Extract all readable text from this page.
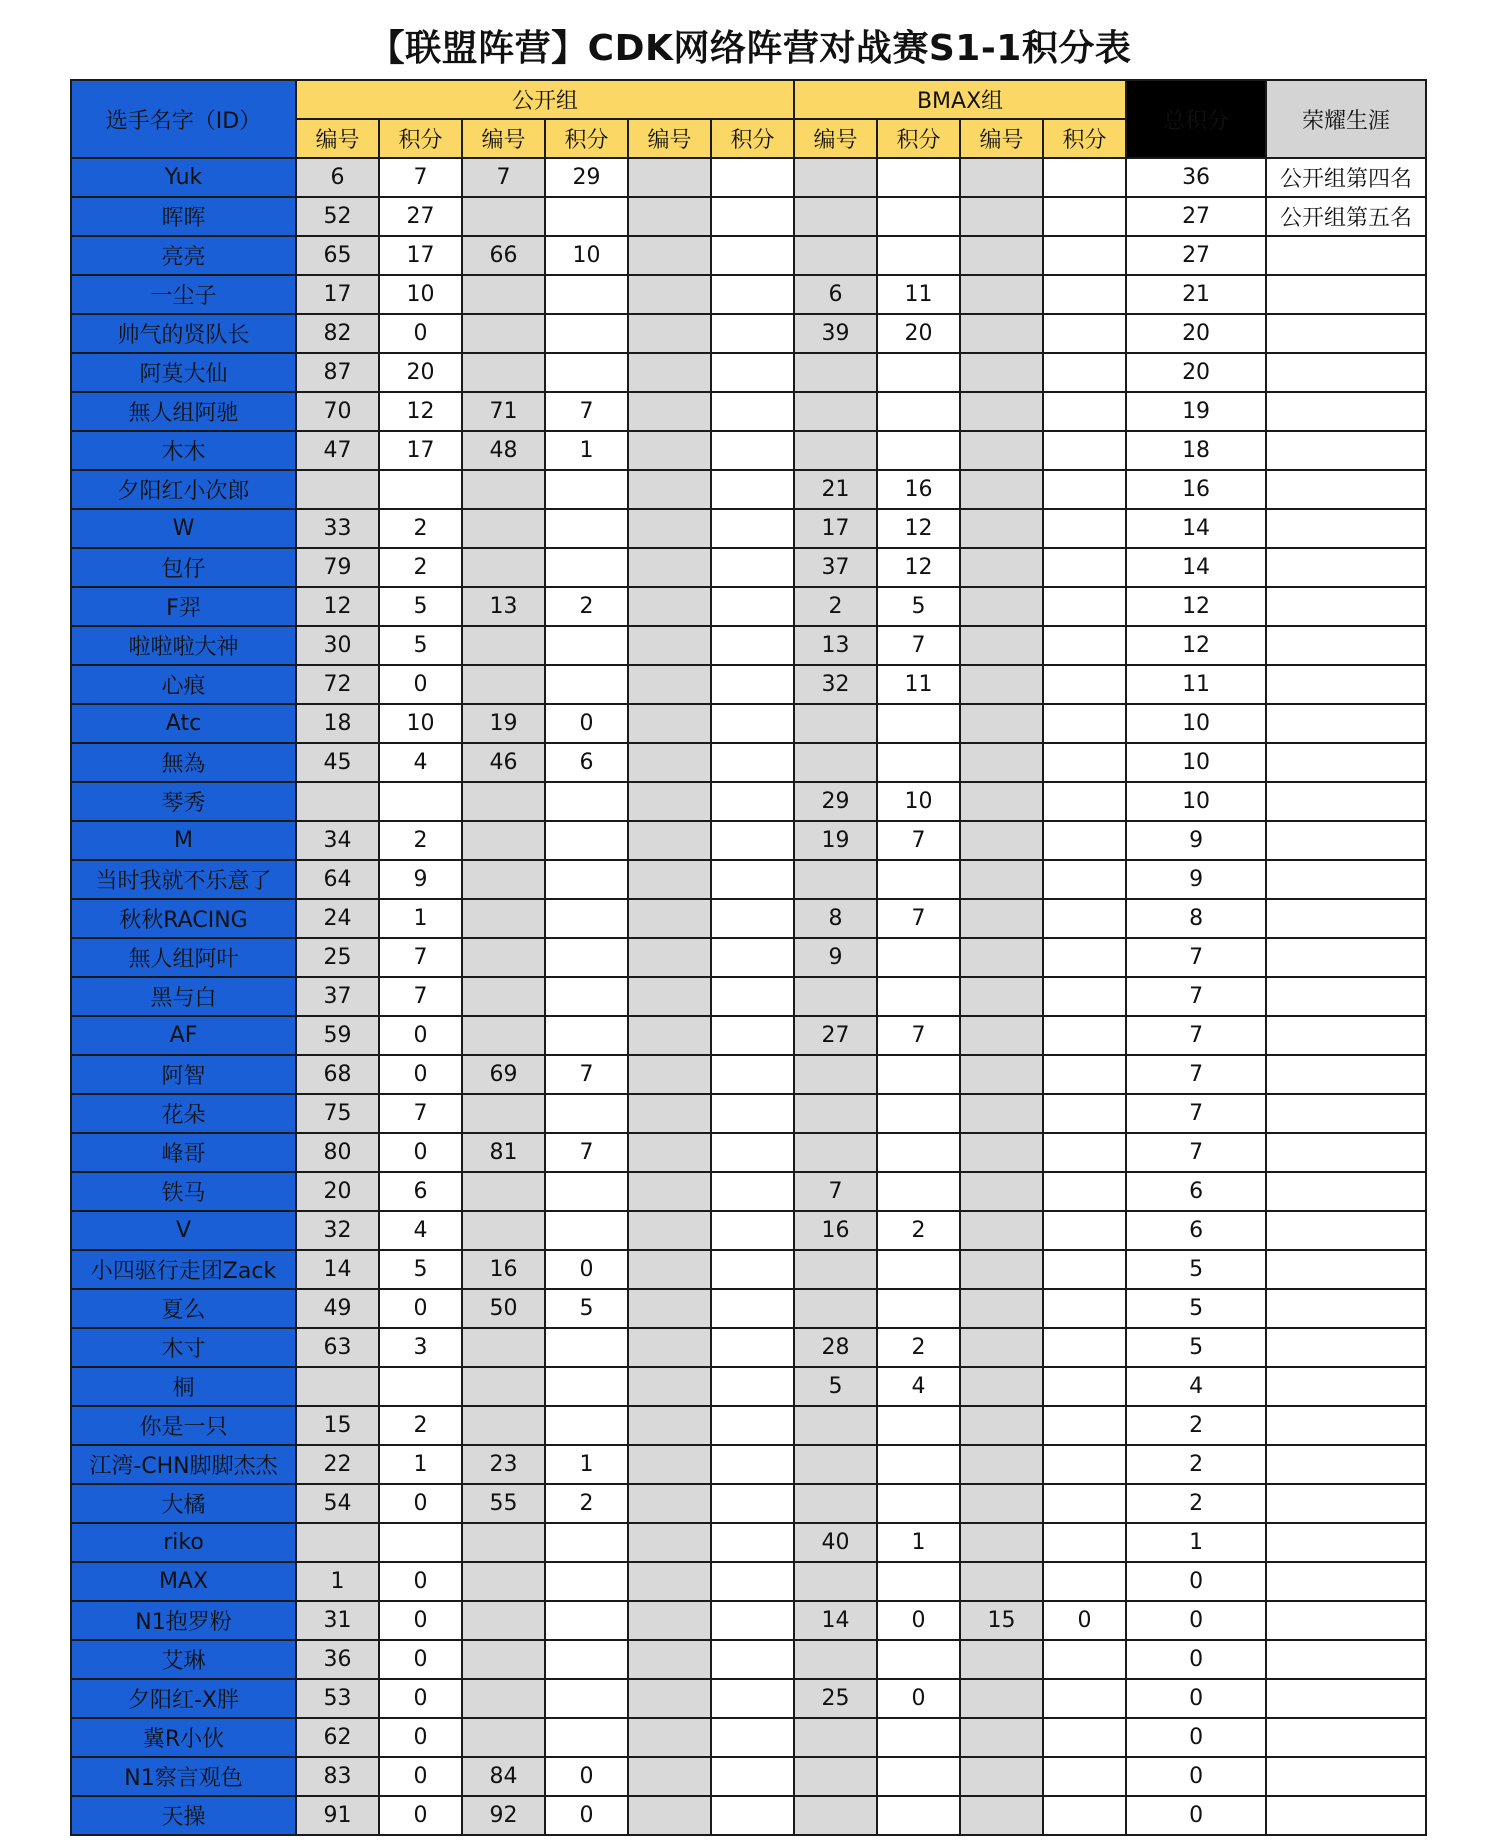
【联盟阵营】CDK网络阵营对战赛S1-1积分表
选手名字（ID）	公开组						BMAX组				总积分	荣耀生涯
	编号	积分	编号	积分	编号	积分	编号	积分	编号	积分		
Yuk	6	7	7	29							36	公开组第四名
晖晖	52	27									27	公开组第五名
亮亮	65	17	66	10							27	
一尘子	17	10					6	11			21	
帅气的贤队长	82	0					39	20			20	
阿莫大仙	87	20									20	
無人组阿驰	70	12	71	7							19	
木木	47	17	48	1							18	
夕阳红小次郎							21	16			16	
W	33	2					17	12			14	
包仔	79	2					37	12			14	
F羿	12	5	13	2			2	5			12	
啦啦啦大神	30	5					13	7			12	
心痕	72	0					32	11			11	
Atc	18	10	19	0							10	
無為	45	4	46	6							10	
琴秀							29	10			10	
M	34	2					19	7			9	
当时我就不乐意了	64	9									9	
秋秋RACING	24	1					8	7			8	
無人组阿叶	25	7					9				7	
黑与白	37	7									7	
AF	59	0					27	7			7	
阿智	68	0	69	7							7	
花朵	75	7									7	
峰哥	80	0	81	7							7	
铁马	20	6					7				6	
V	32	4					16	2			6	
小四驱行走团Zack	14	5	16	0							5	
夏么	49	0	50	5							5	
木寸	63	3					28	2			5	
桐							5	4			4	
你是一只	15	2									2	
江湾-CHN脚脚杰杰	22	1	23	1							2	
大橘	54	0	55	2							2	
riko							40	1			1	
MAX	1	0									0	
N1抱罗粉	31	0					14	0	15	0	0	
艾琳	36	0									0	
夕阳红-X胖	53	0					25	0			0	
冀R小伙	62	0									0	
N1察言观色	83	0	84	0							0	
天操	91	0	92	0							0	
